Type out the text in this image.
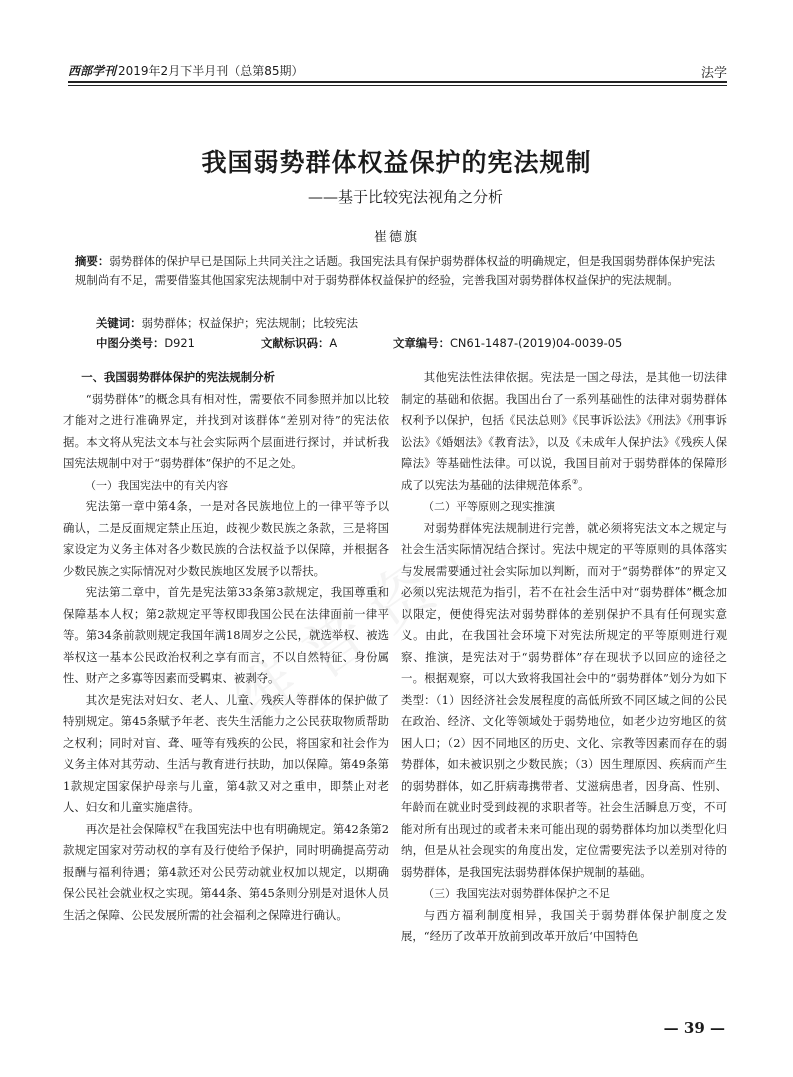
西部学刊 2019年2月下半月刊（总第85期）	法学
我国弱势群体权益保护的宪法规制
——基于比较宪法视角之分析
崔德旗
摘要：弱势群体的保护早已是国际上共同关注之话题。我国宪法具有保护弱势群体权益的明确规定，但是我国弱势群体保护宪法规制尚有不足，需要借鉴其他国家宪法规制中对于弱势群体权益保护的经验，完善我国对弱势群体权益保护的宪法规制。
关键词：弱势群体；权益保护；宪法规制；比较宪法
中图分类号：D921	文献标识码：A	文章编号：CN61-1487-(2019)04-0039-05
一、我国弱势群体保护的宪法规制分析

“弱势群体”的概念具有相对性，需要依不同参照并加以比较才能对之进行准确界定，并找到对该群体“差别对待”的宪法依据。本文将从宪法文本与社会实际两个层面进行探讨，并试析我国宪法规制中对于“弱势群体”保护的不足之处。

（一）我国宪法中的有关内容

宪法第一章中第4条，一是对各民族地位上的一律平等予以确认，二是反面规定禁止压迫，歧视少数民族之条款，三是将国家设定为义务主体对各少数民族的合法权益予以保障，并根据各少数民族之实际情况对少数民族地区发展予以帮扶。

宪法第二章中，首先是宪法第33条第3款规定，我国尊重和保障基本人权；第2款规定平等权即我国公民在法律面前一律平等。第34条前款则规定我国年满18周岁之公民，就选举权、被选举权这一基本公民政治权利之享有而言，不以自然特征、身份属性、财产之多寡等因素而受羁束、被剥夺。

其次是宪法对妇女、老人、儿童、残疾人等群体的保护做了特别规定。第45条赋予年老、丧失生活能力之公民获取物质帮助之权利；同时对盲、聋、哑等有残疾的公民，将国家和社会作为义务主体对其劳动、生活与教育进行扶助，加以保障。第49条第1款规定国家保护母亲与儿童，第4款又对之重申，即禁止对老人、妇女和儿童实施虐待。

再次是社会保障权①在我国宪法中也有明确规定。第42条第2款规定国家对劳动权的享有及行使给予保护，同时明确提高劳动报酬与福利待遇；第4款还对公民劳动就业权加以规定，以期确保公民社会就业权之实现。第44条、第45条则分别是对退休人员生活之保障、公民发展所需的社会福利之保障进行确认。

其他宪法性法律依据。宪法是一国之母法，是其他一切法律制定的基础和依据。我国出台了一系列基础性的法律对弱势群体权利予以保护，包括《民法总则》《民事诉讼法》《刑法》《刑事诉讼法》《婚姻法》《教育法》，以及《未成年人保护法》《残疾人保障法》等基础性法律。可以说，我国目前对于弱势群体的保障形成了以宪法为基础的法律规范体系②。

（二）平等原则之现实推演

对弱势群体宪法规制进行完善，就必须将宪法文本之规定与社会生活实际情况结合探讨。宪法中规定的平等原则的具体落实与发展需要通过社会实际加以判断，而对于“弱势群体”的界定又必须以宪法规范为指引，若不在社会生活中对“弱势群体”概念加以限定，便使得宪法对弱势群体的差别保护不具有任何现实意义。由此，在我国社会环境下对宪法所规定的平等原则进行观察、推演，是宪法对于“弱势群体”存在现状予以回应的途径之一。根据观察，可以大致将我国社会中的“弱势群体”划分为如下类型：（1）因经济社会发展程度的高低所致不同区域之间的公民在政治、经济、文化等领域处于弱势地位，如老少边穷地区的贫困人口；（2）因不同地区的历史、文化、宗教等因素而存在的弱势群体，如未被识别之少数民族；（3）因生理原因、疾病而产生的弱势群体，如乙肝病毒携带者、艾滋病患者，因身高、性别、年龄而在就业时受到歧视的求职者等。社会生活瞬息万变，不可能对所有出现过的或者未来可能出现的弱势群体均加以类型化归纳，但是从社会现实的角度出发，定位需要宪法予以差别对待的弱势群体，是我国宪法弱势群体保护规制的基础。

（三）我国宪法对弱势群体保护之不足

与西方福利制度相异，我国关于弱势群体保护制度之发展，“经历了改革开放前到改革开放后‘中国特色

— 39 —
